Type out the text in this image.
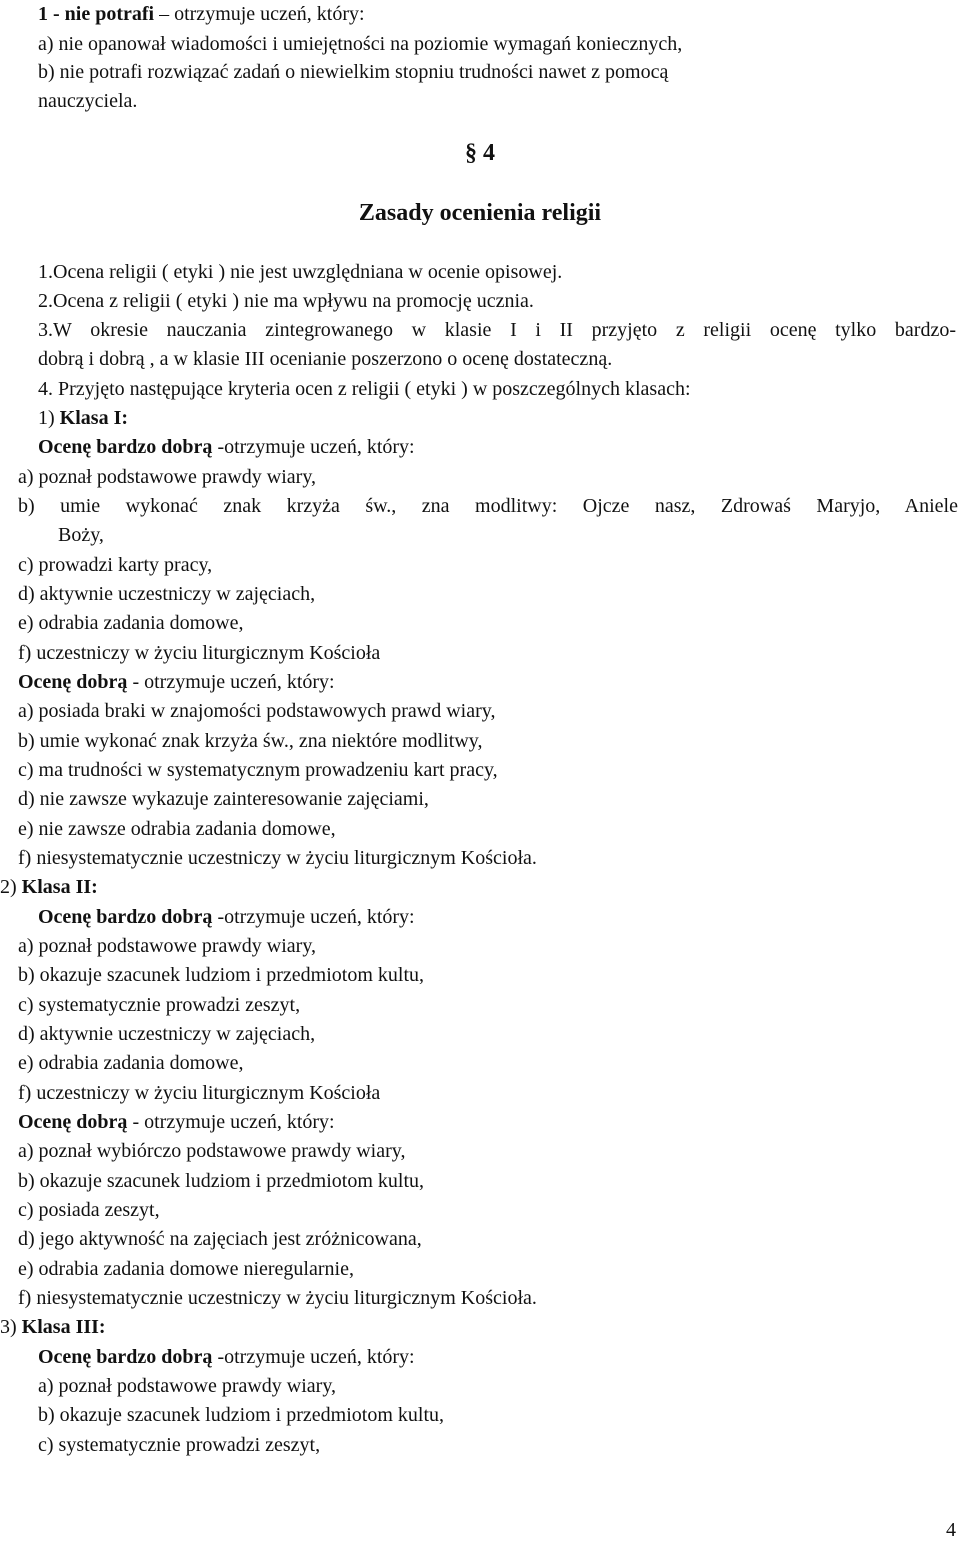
1 - nie potrafi – otrzymuje uczeń, który:
a) nie opanował wiadomości i umiejętności na poziomie wymagań koniecznych,
b) nie potrafi rozwiązać zadań o niewielkim stopniu trudności nawet z pomocą
nauczyciela.
§ 4
Zasady ocenienia religii
1.Ocena religii ( etyki ) nie jest uwzględniana w ocenie opisowej.
2.Ocena z religii ( etyki ) nie ma wpływu na promocję ucznia.
3.W okresie nauczania zintegrowanego w klasie I i II przyjęto z religii ocenę tylko bardzo-
dobrą i dobrą , a w klasie III ocenianie poszerzono o ocenę dostateczną.
4. Przyjęto następujące kryteria ocen z religii ( etyki ) w poszczególnych klasach:
1) Klasa I:
Ocenę bardzo dobrą -otrzymuje uczeń, który:
a) poznał podstawowe prawdy wiary,
b) umie wykonać znak krzyża św., zna modlitwy: Ojcze nasz, Zdrowaś Maryjo, Aniele
Boży,
c) prowadzi karty pracy,
d) aktywnie uczestniczy w zajęciach,
e) odrabia zadania domowe,
f) uczestniczy w życiu liturgicznym Kościoła
Ocenę dobrą - otrzymuje uczeń, który:
a) posiada braki w znajomości podstawowych prawd wiary,
b) umie wykonać znak krzyża św., zna niektóre modlitwy,
c) ma trudności w systematycznym prowadzeniu kart pracy,
d) nie zawsze wykazuje zainteresowanie zajęciami,
e) nie zawsze odrabia zadania domowe,
f) niesystematycznie uczestniczy w życiu liturgicznym Kościoła.
2) Klasa II:
Ocenę bardzo dobrą -otrzymuje uczeń, który:
a) poznał podstawowe prawdy wiary,
b) okazuje szacunek ludziom i przedmiotom kultu,
c) systematycznie prowadzi zeszyt,
d) aktywnie uczestniczy w zajęciach,
e) odrabia zadania domowe,
f) uczestniczy w życiu liturgicznym Kościoła
Ocenę dobrą - otrzymuje uczeń, który:
a) poznał wybiórczo podstawowe prawdy wiary,
b) okazuje szacunek ludziom i przedmiotom kultu,
c) posiada zeszyt,
d) jego aktywność na zajęciach jest zróżnicowana,
e) odrabia zadania domowe nieregularnie,
f) niesystematycznie uczestniczy w życiu liturgicznym Kościoła.
3) Klasa III:
Ocenę bardzo dobrą -otrzymuje uczeń, który:
a) poznał podstawowe prawdy wiary,
b) okazuje szacunek ludziom i przedmiotom kultu,
c) systematycznie prowadzi zeszyt,
4
